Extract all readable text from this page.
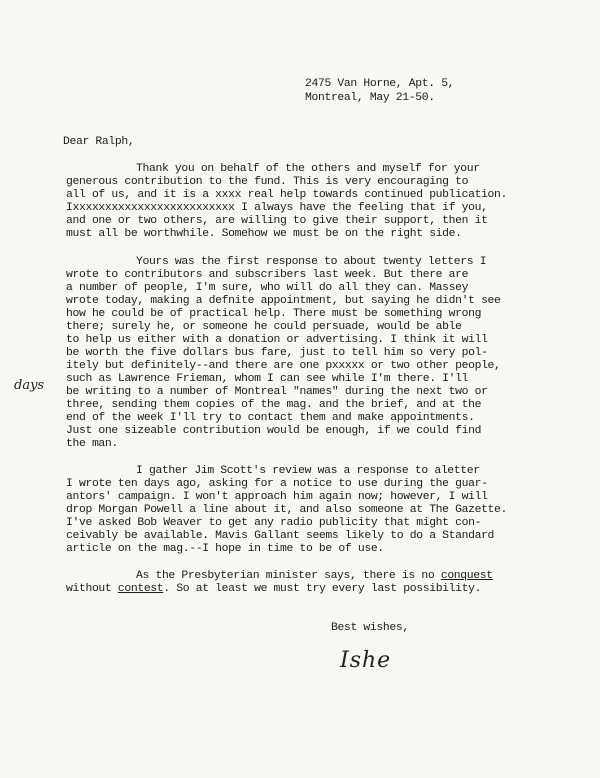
2475 Van Horne, Apt. 5,
Montreal, May 21-50.
Dear Ralph,
Thank you on behalf of the others and myself for your
generous contribution to the fund. This is very encouraging to
all of us, and it is a xxxx real help towards continued publication.
Ixxxxxxxxxxxxxxxxxxxxxxxxx I always have the feeling that if you,
and one or two others, are willing to give their support, then it
must all be worthwhile. Somehow we must be on the right side.
Yours was the first response to about twenty letters I
wrote to contributors and subscribers last week. But there are
a number of people, I'm sure, who will do all they can. Massey
wrote today, making a defnite appointment, but saying he didn't see
how he could be of practical help. There must be something wrong
there; surely he, or someone he could persuade, would be able
to help us either with a donation or advertising. I think it will
be worth the five dollars bus fare, just to tell him so very pol-
itely but definitely--and there are one pxxxxx or two other people,
such as Lawrence Frieman, whom I can see while I'm there. I'll
be writing to a number of Montreal "names" during the next two or
three, sending them copies of the mag. and the brief, and at the
end of the week I'll try to contact them and make appointments.
Just one sizeable contribution would be enough, if we could find
the man.
days
I gather Jim Scott's review was a response to aletter
I wrote ten days ago, asking for a notice to use during the guar-
antors' campaign. I won't approach him again now; however, I will
drop Morgan Powell a line about it, and also someone at The Gazette.
I've asked Bob Weaver to get any radio publicity that might con-
ceivably be available. Mavis Gallant seems likely to do a Standard
article on the mag.--I hope in time to be of use.
As the Presbyterian minister says, there is no conquest
without contest. So at least we must try every last possibility.
Best wishes,
Ishe
